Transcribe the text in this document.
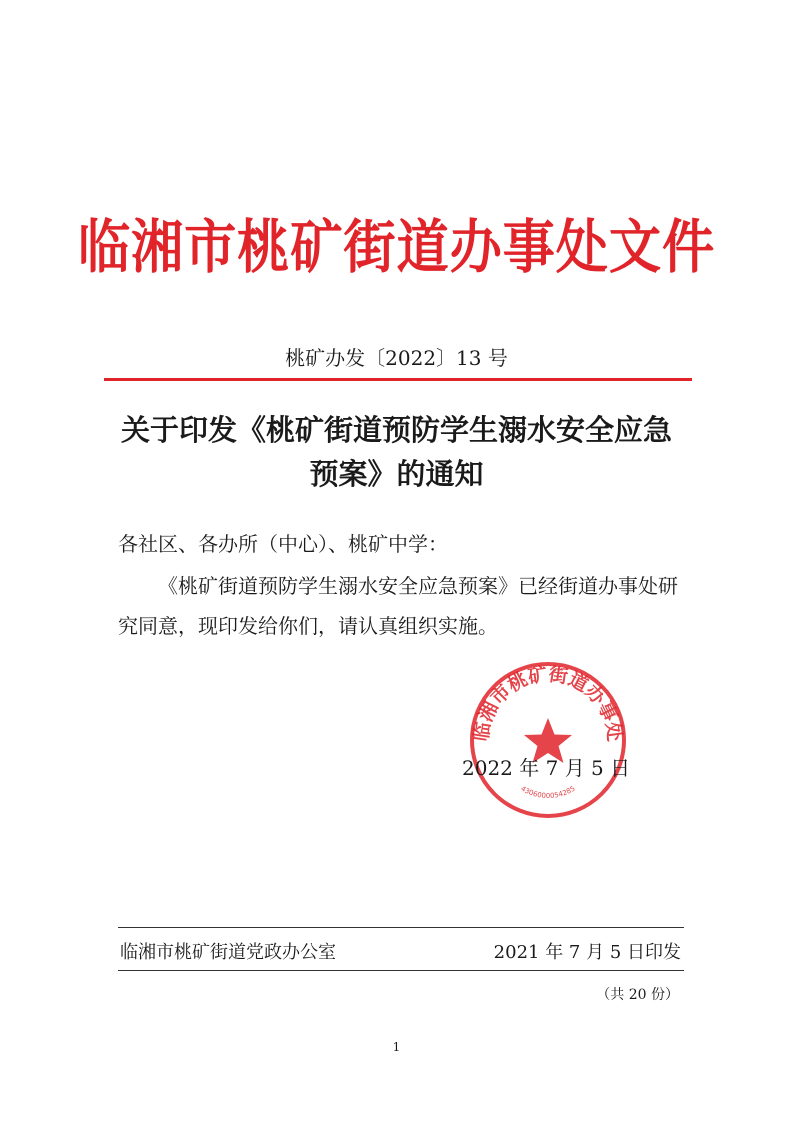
临湘市桃矿街道办事处文件
桃矿办发〔2022〕13 号
关于印发《桃矿街道预防学生溺水安全应急
预案》的通知
各社区、各办所（中心）、桃矿中学：
《桃矿街道预防学生溺水安全应急预案》已经街道办事处研究同意，现印发给你们，请认真组织实施。
临湘市桃矿街道办事处
4306000054285
2022 年 7 月 5 日
临湘市桃矿街道党政办公室	2021 年 7 月 5 日印发
（共 20 份）
1
